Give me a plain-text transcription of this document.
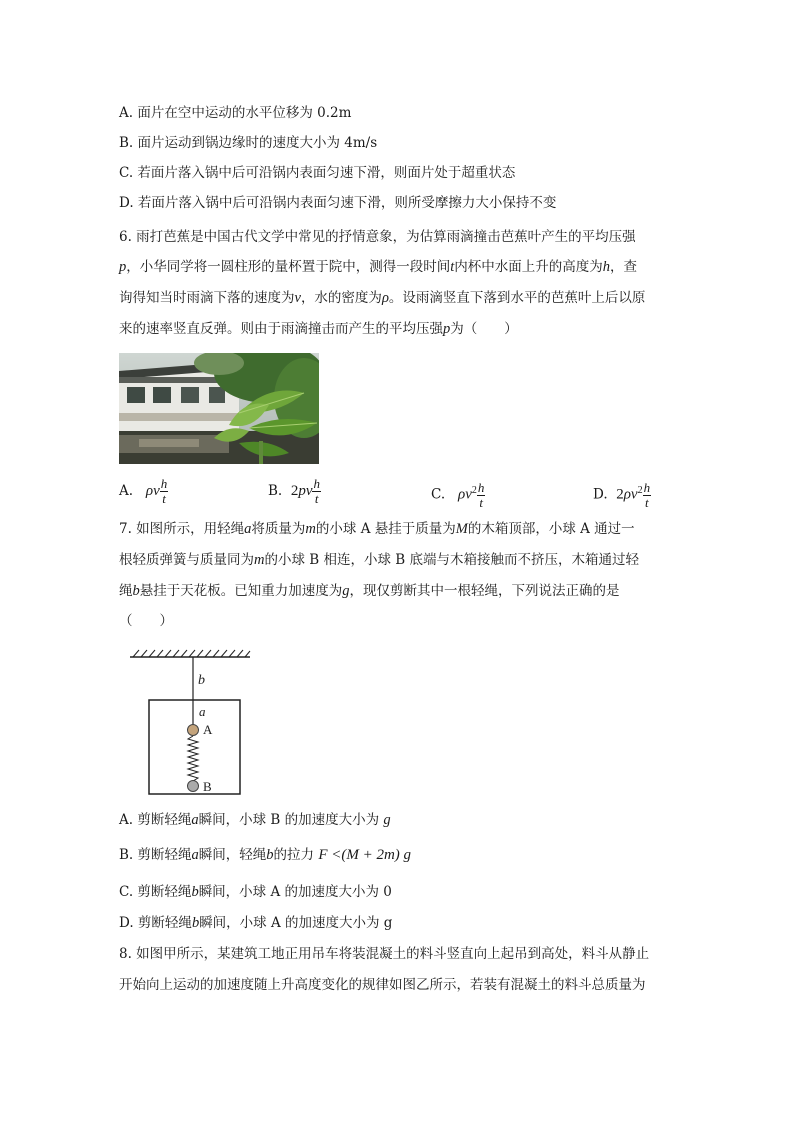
A. 面片在空中运动的水平位移为 0.2m
B. 面片运动到锅边缘时的速度大小为 4m/s
C. 若面片落入锅中后可沿锅内表面匀速下滑，则面片处于超重状态
D. 若面片落入锅中后可沿锅内表面匀速下滑，则所受摩擦力大小保持不变
6. 雨打芭蕉是中国古代文学中常见的抒情意象，为估算雨滴撞击芭蕉叶产生的平均压强
p，小华同学将一圆柱形的量杯置于院中，测得一段时间t内杯中水面上升的高度为h，查
询得知当时雨滴下落的速度为v，水的密度为ρ。设雨滴竖直下落到水平的芭蕉叶上后以原
来的速率竖直反弹。则由于雨滴撞击而产生的平均压强p为（　　）
A. ρv $\frac{h}{t}$	B. $2pv \frac{h}{t}$	C. $\rho v^2 \frac{h}{t}$	D. $2\rho v^2 \frac{h}{t}$
7. 如图所示，用轻绳a将质量为m的小球 A 悬挂于质量为M的木箱顶部，小球 A 通过一
根轻质弹簧与质量同为m的小球 B 相连，小球 B 底端与木箱接触而不挤压，木箱通过轻
绳b悬挂于天花板。已知重力加速度为g，现仅剪断其中一根轻绳，下列说法正确的是
（　　）
b
a
A
B
A. 剪断轻绳a瞬间，小球 B 的加速度大小为 g
B. 剪断轻绳a瞬间，轻绳b的拉力 F <(M + 2m) g
C. 剪断轻绳b瞬间，小球 A 的加速度大小为 0
D. 剪断轻绳b瞬间，小球 A 的加速度大小为 g
8. 如图甲所示，某建筑工地正用吊车将装混凝土的料斗竖直向上起吊到高处，料斗从静止
开始向上运动的加速度随上升高度变化的规律如图乙所示，若装有混凝土的料斗总质量为
